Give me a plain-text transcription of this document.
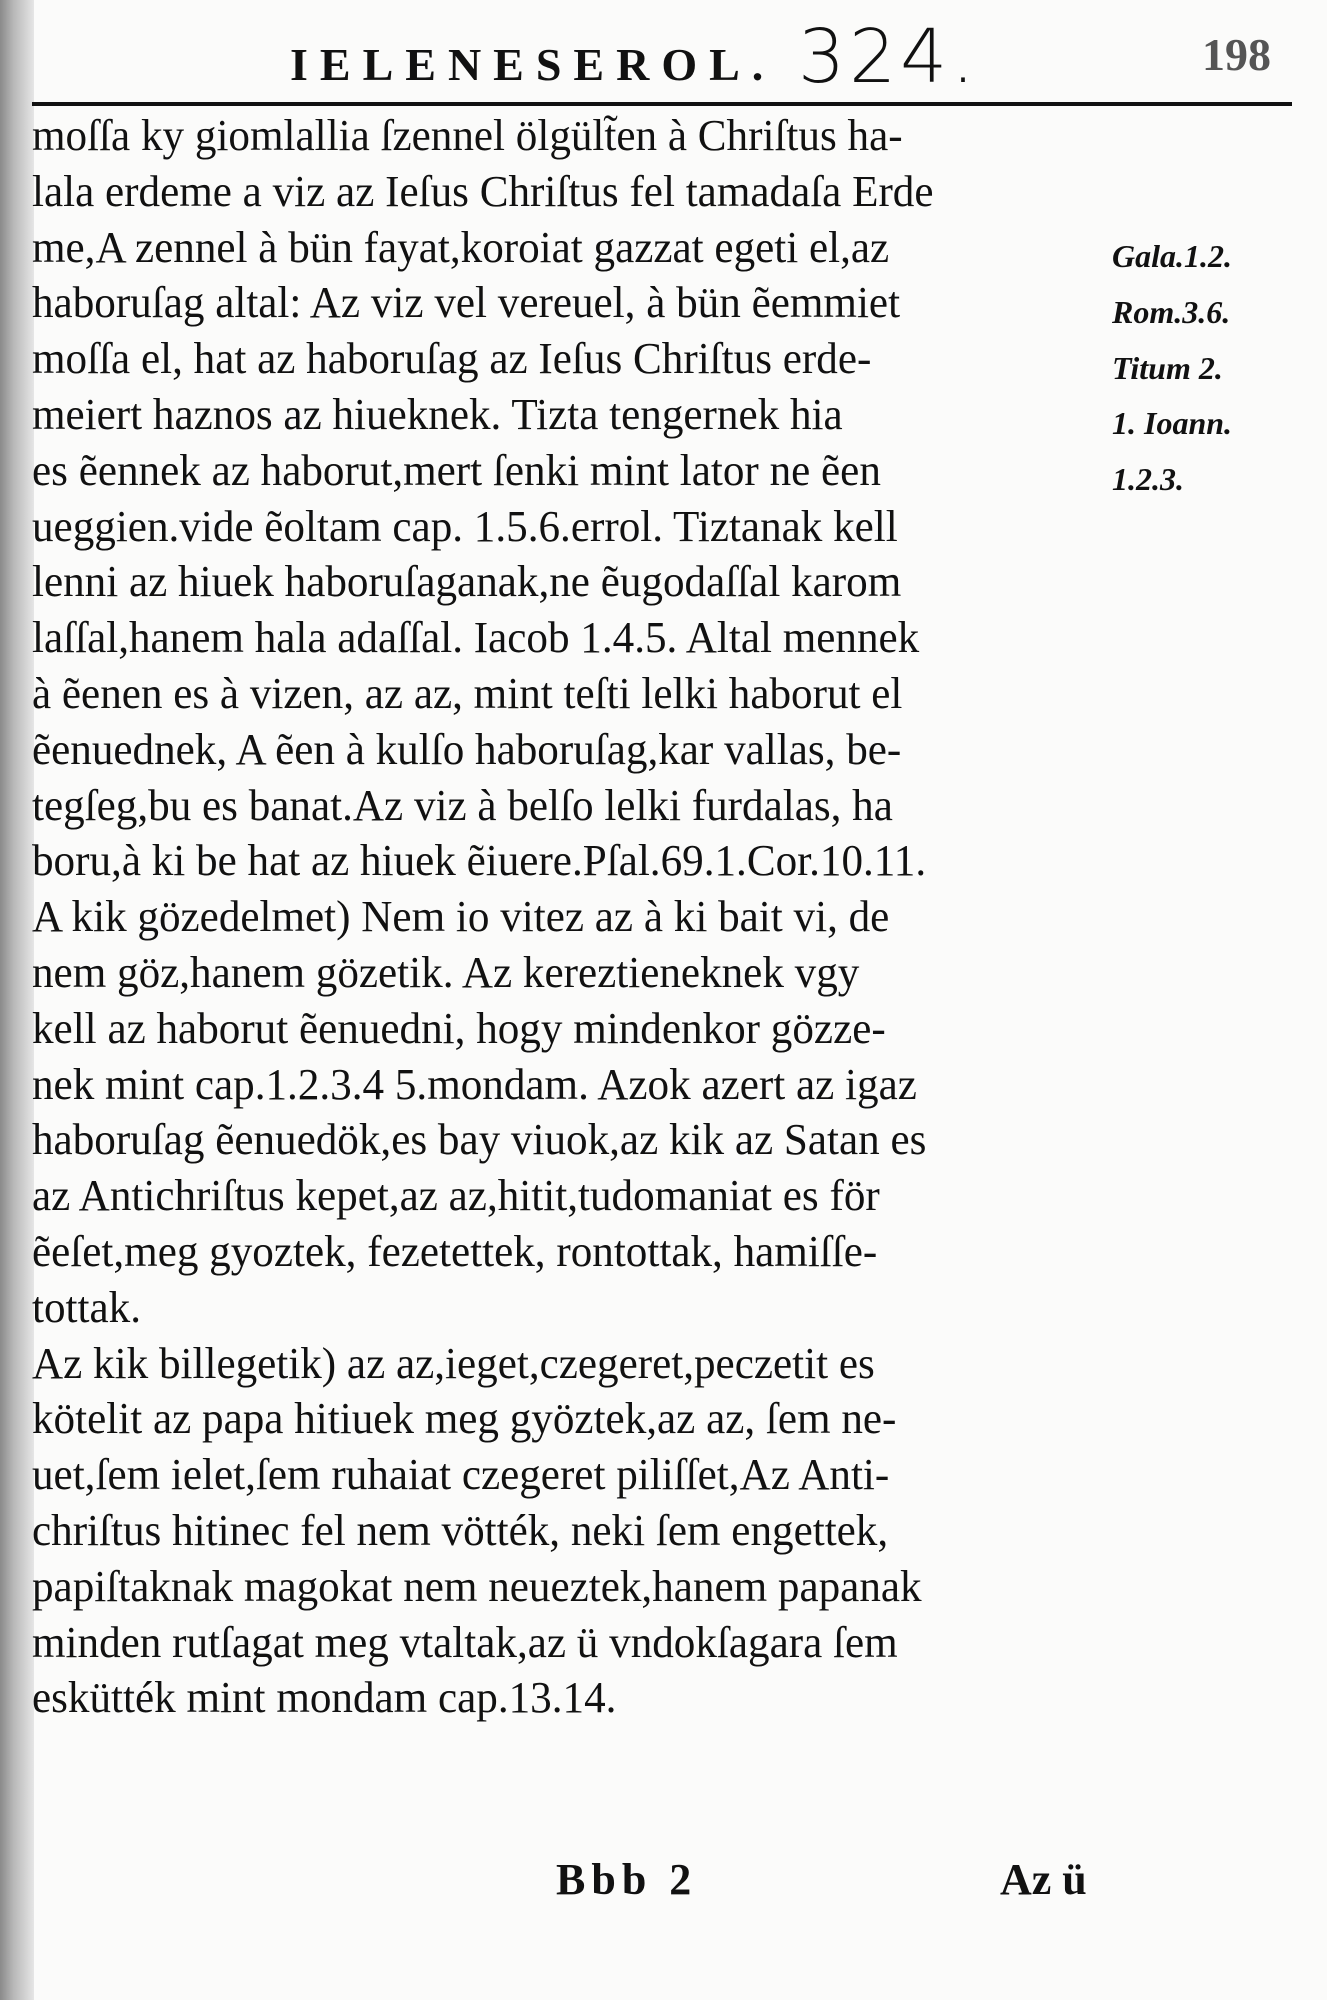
IELENESEROL. 324.	198
moſſa ky giomlallia ſzennel ölgült̃en à Chriſtus ha-
lala erdeme a viz az Ieſus Chriſtus fel tamadaſa Erde
me,A zennel à bün fayat,koroiat gazzat egeti el,az
haboruſag altal: Az viz vel vereuel, à bün ẽemmiet
moſſa el, hat az haboruſag az Ieſus Chriſtus erde-
meiert haznos az hiueknek. Tizta tengernek hia
es ẽennek az haborut,mert ſenki mint lator ne ẽen
ueggien.vide ẽoltam cap. 1.5.6.errol. Tiztanak kell
lenni az hiuek haboruſaganak,ne ẽugodaſſal karom
laſſal,hanem hala adaſſal. Iacob 1.4.5. Altal mennek
à ẽenen es à vizen, az az, mint teſti lelki haborut el
ẽenuednek, A ẽen à kulſo haboruſag,kar vallas, be-
tegſeg,bu es banat.Az viz à belſo lelki furdalas, ha
boru,à ki be hat az hiuek ẽiuere.Pſal.69.1.Cor.10.11.
A kik gözedelmet) Nem io vitez az à ki bait vi, de
nem göz,hanem gözetik. Az kereztieneknek vgy
kell az haborut ẽenuedni, hogy mindenkor gözze-
nek mint cap.1.2.3.4 5.mondam. Azok azert az igaz
haboruſag ẽenuedök,es bay viuok,az kik az Satan es
az Antichriſtus kepet,az az,hitit,tudomaniat es för
ẽeſet,meg gyoztek, fezetettek, rontottak, hamiſſe-
tottak.
Az kik billegetik) az az,ieget,czegeret,peczetit es
kötelit az papa hitiuek meg gyöztek,az az, ſem ne-
uet,ſem ielet,ſem ruhaiat czegeret piliſſet,Az Anti-
chriſtus hitinec fel nem vötték, neki ſem engettek,
papiſtaknak magokat nem neueztek,hanem papanak
minden rutſagat meg vtaltak,az ü vndokſagara ſem
eskütték mint mondam cap.13.14.
Gala.1.2.
Rom.3.6.
Titum 2.
1. Ioann.
1.2.3.
Bbb 2	Az ü
